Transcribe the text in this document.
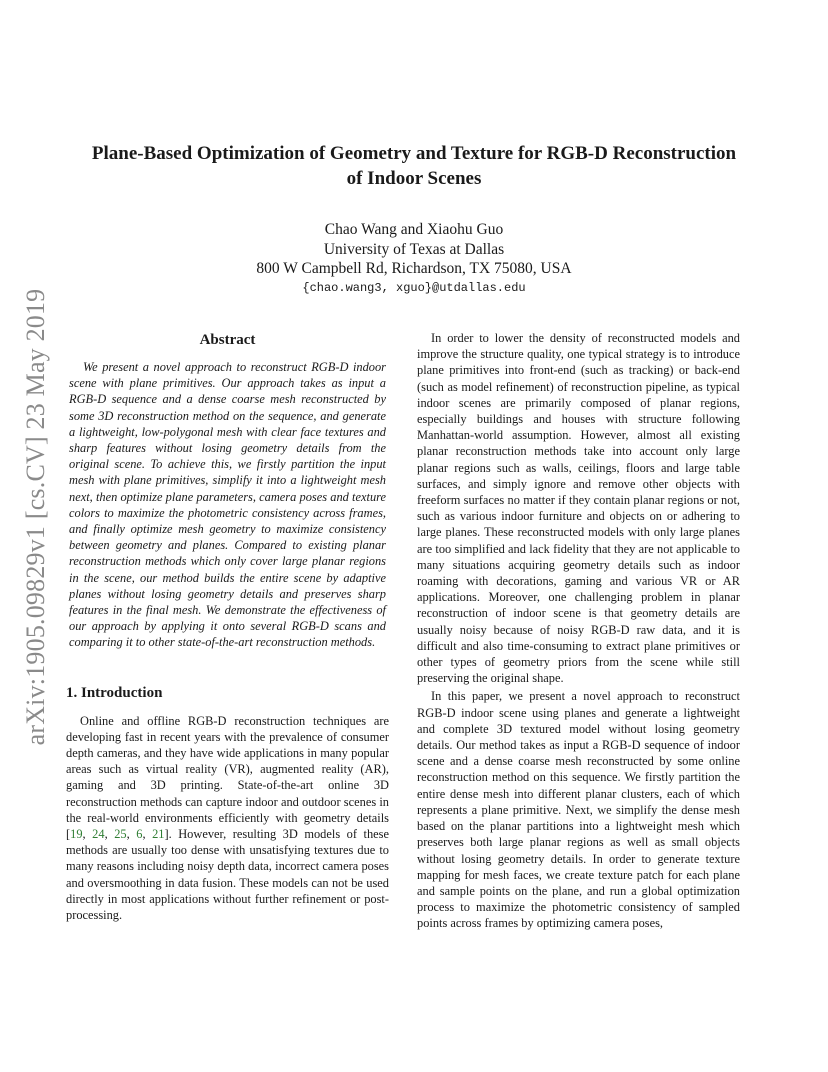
arXiv:1905.09829v1 [cs.CV] 23 May 2019
Plane-Based Optimization of Geometry and Texture for RGB-D Reconstruction
of Indoor Scenes
Chao Wang and Xiaohu Guo
University of Texas at Dallas
800 W Campbell Rd, Richardson, TX 75080, USA
{chao.wang3, xguo}@utdallas.edu
Abstract

We present a novel approach to reconstruct RGB-D indoor scene with plane primitives. Our approach takes as input a RGB-D sequence and a dense coarse mesh reconstructed by some 3D reconstruction method on the sequence, and generate a lightweight, low-polygonal mesh with clear face textures and sharp features without losing geometry details from the original scene. To achieve this, we firstly partition the input mesh with plane primitives, simplify it into a lightweight mesh next, then optimize plane parameters, camera poses and texture colors to maximize the photometric consistency across frames, and finally optimize mesh geometry to maximize consistency between geometry and planes. Compared to existing planar reconstruction methods which only cover large planar regions in the scene, our method builds the entire scene by adaptive planes without losing geometry details and preserves sharp features in the final mesh. We demonstrate the effectiveness of our approach by applying it onto several RGB-D scans and comparing it to other state-of-the-art reconstruction methods.

1. Introduction

Online and offline RGB-D reconstruction techniques are developing fast in recent years with the prevalence of consumer depth cameras, and they have wide applications in many popular areas such as virtual reality (VR), augmented reality (AR), gaming and 3D printing. State-of-the-art online 3D reconstruction methods can capture indoor and outdoor scenes in the real-world environments efficiently with geometry details [19, 24, 25, 6, 21]. However, resulting 3D models of these methods are usually too dense with unsatisfying textures due to many reasons including noisy depth data, incorrect camera poses and oversmoothing in data fusion. These models can not be used directly in most applications without further refinement or post-processing.

In order to lower the density of reconstructed models and improve the structure quality, one typical strategy is to introduce plane primitives into front-end (such as tracking) or back-end (such as model refinement) of reconstruction pipeline, as typical indoor scenes are primarily composed of planar regions, especially buildings and houses with structure following Manhattan-world assumption. However, almost all existing planar reconstruction methods take into account only large planar regions such as walls, ceilings, floors and large table surfaces, and simply ignore and remove other objects with freeform surfaces no matter if they contain planar regions or not, such as various indoor furniture and objects on or adhering to large planes. These reconstructed models with only large planes are too simplified and lack fidelity that they are not applicable to many situations acquiring geometry details such as indoor roaming with decorations, gaming and various VR or AR applications. Moreover, one challenging problem in planar reconstruction of indoor scene is that geometry details are usually noisy because of noisy RGB-D raw data, and it is difficult and also time-consuming to extract plane primitives or other types of geometry priors from the scene while still preserving the original shape.

In this paper, we present a novel approach to reconstruct RGB-D indoor scene using planes and generate a lightweight and complete 3D textured model without losing geometry details. Our method takes as input a RGB-D sequence of indoor scene and a dense coarse mesh reconstructed by some online reconstruction method on this sequence. We firstly partition the entire dense mesh into different planar clusters, each of which represents a plane primitive. Next, we simplify the dense mesh based on the planar partitions into a lightweight mesh which preserves both large planar regions as well as small objects without losing geometry details. In order to generate texture mapping for mesh faces, we create texture patch for each plane and sample points on the plane, and run a global optimization process to maximize the photometric consistency of sampled points across frames by optimizing camera poses,
